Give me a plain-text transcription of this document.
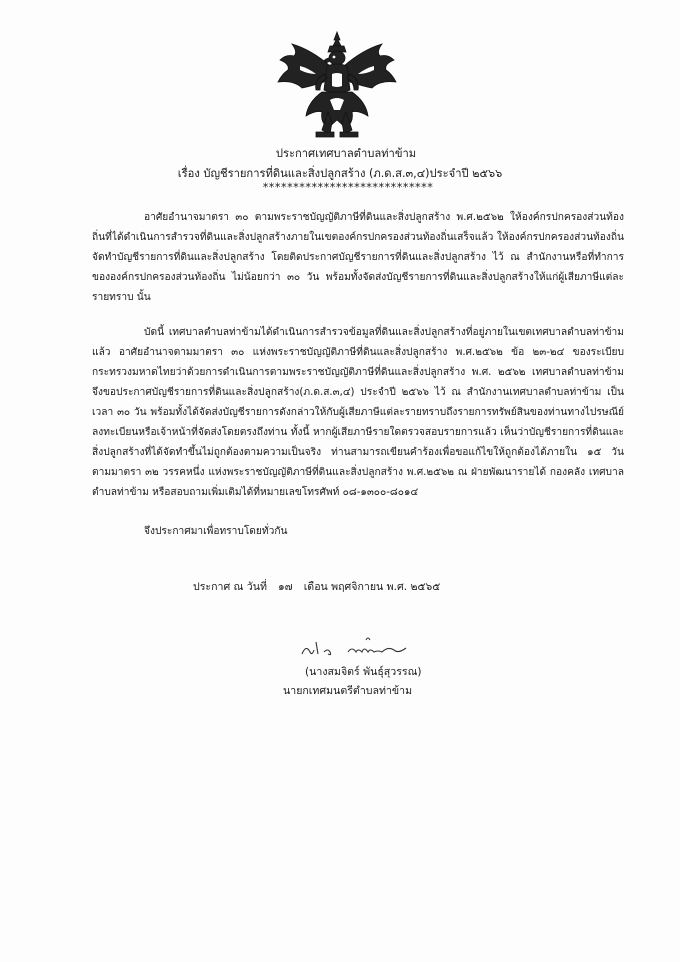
ประกาศเทศบาลตำบลท่าข้าม
เรื่อง บัญชีรายการที่ดินและสิ่งปลูกสร้าง (ภ.ด.ส.๓,๔)ประจำปี ๒๕๖๖
****************************
อาศัยอำนาจมาตรา ๓๐ ตามพระราชบัญญัติภาษีที่ดินและสิ่งปลูกสร้าง พ.ศ.๒๕๖๒ ให้องค์กรปกครองส่วนท้องถิ่นที่ได้ดำเนินการสำรวจที่ดินและสิ่งปลูกสร้างภายในเขตองค์กรปกครองส่วนท้องถิ่นเสร็จแล้ว ให้องค์กรปกครองส่วนท้องถิ่นจัดทำบัญชีรายการที่ดินและสิ่งปลูกสร้าง โดยติดประกาศบัญชีรายการที่ดินและสิ่งปลูกสร้าง ไว้ ณ สำนักงานหรือที่ทำการขององค์กรปกครองส่วนท้องถิ่น ไม่น้อยกว่า ๓๐ วัน พร้อมทั้งจัดส่งบัญชีรายการที่ดินและสิ่งปลูกสร้างให้แก่ผู้เสียภาษีแต่ละรายทราบ นั้น
บัดนี้ เทศบาลตำบลท่าข้ามได้ดำเนินการสำรวจข้อมูลที่ดินและสิ่งปลูกสร้างที่อยู่ภายในเขตเทศบาลตำบลท่าข้ามแล้ว อาศัยอำนาจตามมาตรา ๓๐ แห่งพระราชบัญญัติภาษีที่ดินและสิ่งปลูกสร้าง พ.ศ.๒๕๖๒ ข้อ ๒๓-๒๔ ของระเบียบกระทรวงมหาดไทยว่าด้วยการดำเนินการตามพระราชบัญญัติภาษีที่ดินและสิ่งปลูกสร้าง พ.ศ. ๒๕๖๒ เทศบาลตำบลท่าข้าม จึงขอประกาศบัญชีรายการที่ดินและสิ่งปลูกสร้าง(ภ.ด.ส.๓,๔) ประจำปี ๒๕๖๖ ไว้ ณ สำนักงานเทศบาลตำบลท่าข้าม เป็นเวลา ๓๐ วัน พร้อมทั้งได้จัดส่งบัญชีรายการดังกล่าวให้กับผู้เสียภาษีแต่ละรายทราบถึงรายการทรัพย์สินของท่านทางไปรษณีย์ลงทะเบียนหรือเจ้าหน้าที่จัดส่งโดยตรงถึงท่าน ทั้งนี้ หากผู้เสียภาษีรายใดตรวจสอบรายการแล้ว เห็นว่าบัญชีรายการที่ดินและสิ่งปลูกสร้างที่ได้จัดทำขึ้นไม่ถูกต้องตามความเป็นจริง ท่านสามารถเขียนคำร้องเพื่อขอแก้ไขให้ถูกต้องได้ภายใน ๑๕ วัน ตามมาตรา ๓๒ วรรคหนึ่ง แห่งพระราชบัญญัติภาษีที่ดินและสิ่งปลูกสร้าง พ.ศ.๒๕๖๒ ณ ฝ่ายพัฒนารายได้ กองคลัง เทศบาลตำบลท่าข้าม หรือสอบถามเพิ่มเติมได้ที่หมายเลขโทรศัพท์ ๐๘-๑๓๐๐-๘๐๑๔
จึงประกาศมาเพื่อทราบโดยทั่วกัน
ประกาศ ณ วันที่ ๑๗ เดือน พฤศจิกายน พ.ศ. ๒๕๖๕
(นางสมจิตร์ พันธุ์สุวรรณ)
นายกเทศมนตรีตำบลท่าข้าม
